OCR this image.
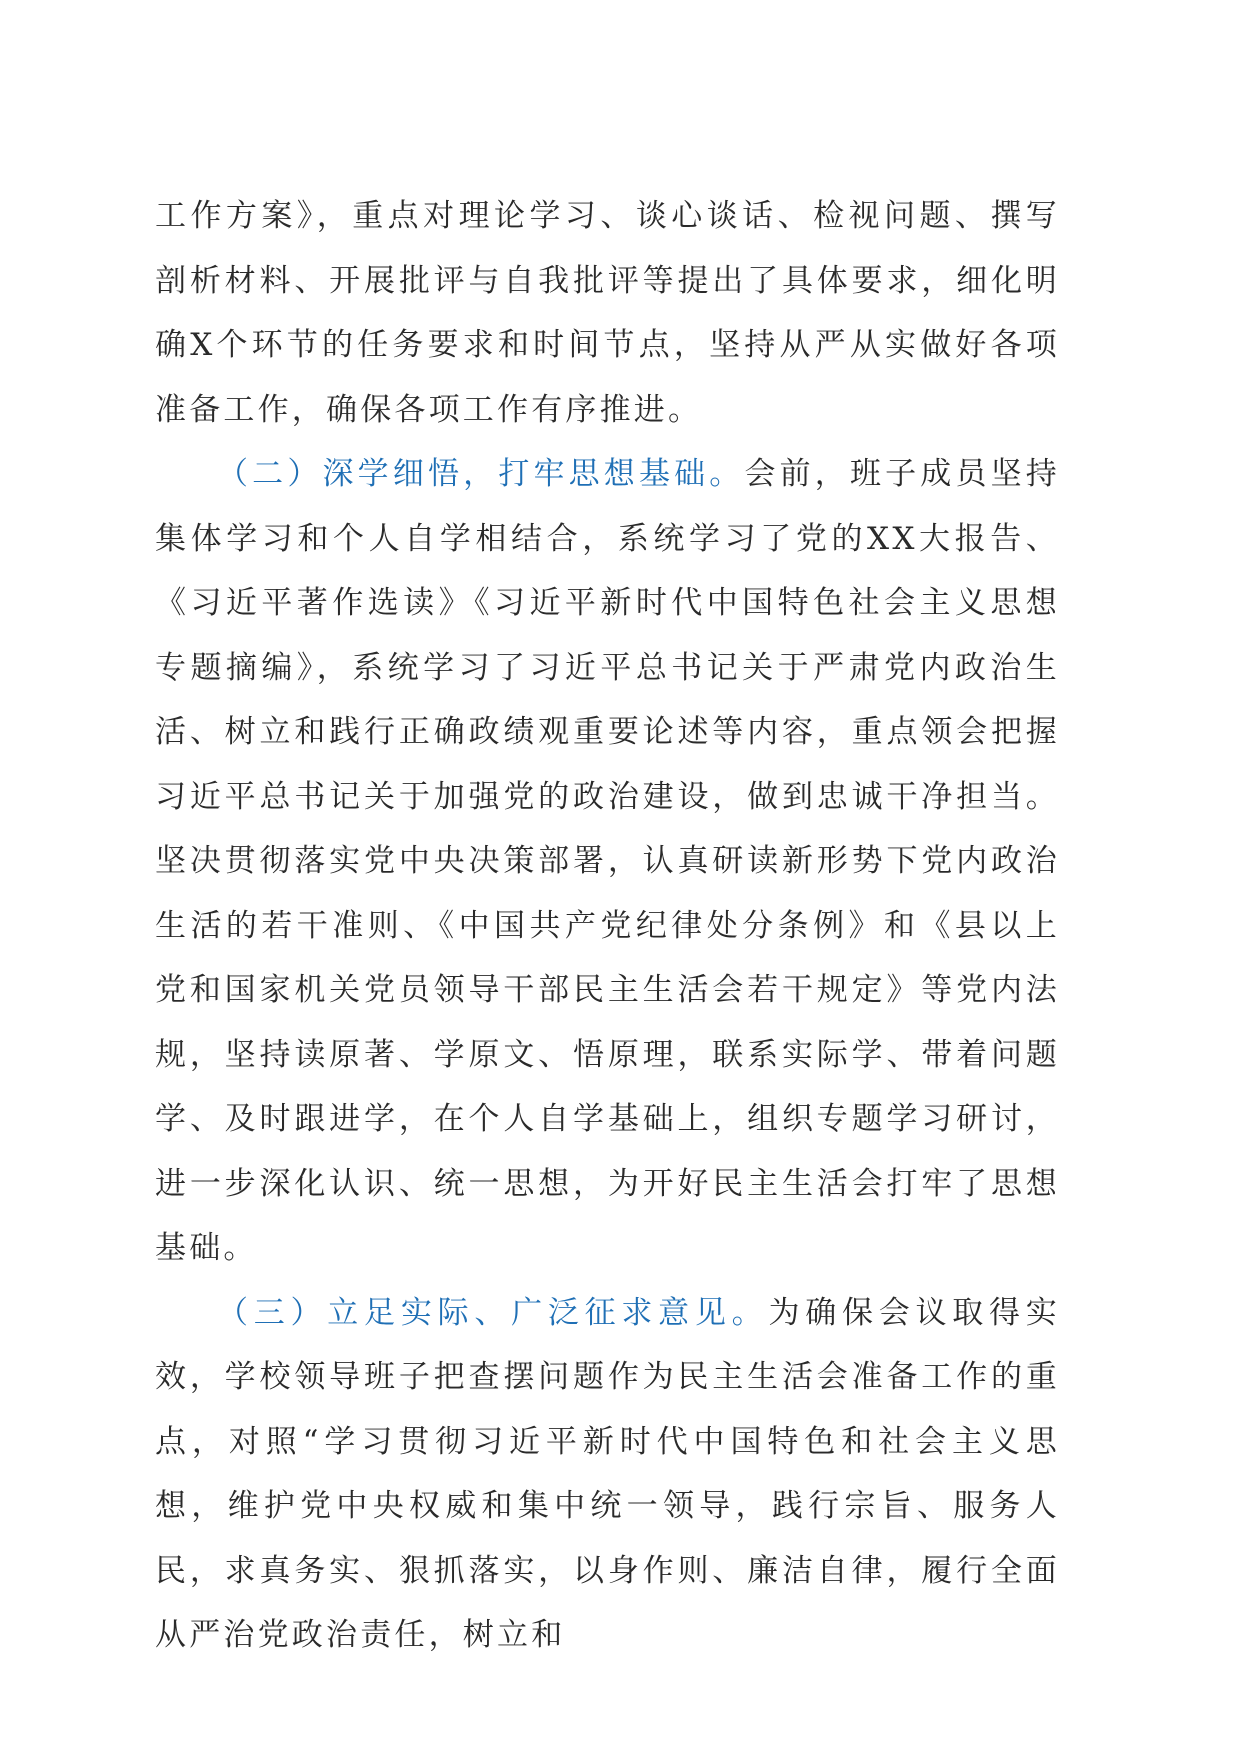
工作方案》，重点对理论学习、谈心谈话、检视问题、撰写剖析材料、开展批评与自我批评等提出了具体要求，细化明确X个环节的任务要求和时间节点，坚持从严从实做好各项准备工作，确保各项工作有序推进。

（二）深学细悟，打牢思想基础。会前，班子成员坚持集体学习和个人自学相结合，系统学习了党的XX大报告、《习近平著作选读》《习近平新时代中国特色社会主义思想专题摘编》，系统学习了习近平总书记关于严肃党内政治生活、树立和践行正确政绩观重要论述等内容，重点领会把握习近平总书记关于加强党的政治建设，做到忠诚干净担当。坚决贯彻落实党中央决策部署，认真研读新形势下党内政治生活的若干准则、《中国共产党纪律处分条例》和《县以上党和国家机关党员领导干部民主生活会若干规定》等党内法规，坚持读原著、学原文、悟原理，联系实际学、带着问题学、及时跟进学，在个人自学基础上，组织专题学习研讨，进一步深化认识、统一思想，为开好民主生活会打牢了思想基础。

（三）立足实际、广泛征求意见。为确保会议取得实效，学校领导班子把查摆问题作为民主生活会准备工作的重点，对照“学习贯彻习近平新时代中国特色和社会主义思想，维护党中央权威和集中统一领导，践行宗旨、服务人民，求真务实、狠抓落实，以身作则、廉洁自律，履行全面从严治党政治责任，树立和
